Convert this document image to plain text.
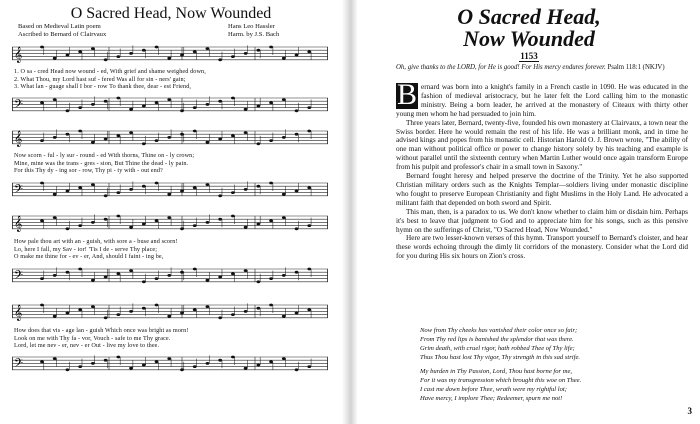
O Sacred Head, Now Wounded
Based on Medieval Latin poem
Ascribed to Bernard of Clairvaux
Hans Leo Hassler
Harm. by J.S. Bach
𝄞
1. O sa - cred Head now wound - ed, With grief and shame weighed down,
2. What Thou, my Lord hast suf - fered Was all for sin - ners' gain;
3. What lan - guage shall I bor - row To thank thee, dear - est Friend,
𝄢
𝄞
Now scorn - ful - ly sur - round - ed With thorns, Thine on - ly crown;
Mine, mine was the trans - gres - sion, But Thine the dead - ly pain.
For this Thy dy - ing sor - row, Thy pi - ty with - out end?
𝄢
𝄞
How pale thou art with an - guish, with sore a - buse and scorn!
Lo, here I fall, my Sav - ior! 'Tis I de - serve Thy place;
O make me thine for - ev - er, And, should I faint - ing be,
𝄢
𝄞
How does that vis - age lan - guish Which once was bright as morn!
Look on me with Thy fa - vor, Vouch - safe to me Thy grace.
Lord, let me nev - er, nev - er Out - live my love to thee.
𝄢
O Sacred Head,
Now Wounded
1153
Oh, give thanks to the LORD, for He is good! For His mercy endures forever. Psalm 118:1 (NKJV)

B ernard was born into a knight's family in a French castle in 1090. He was educated in the fashion of medieval aristocracy, but he later felt the Lord calling him to the monastic ministry. Being a born leader, he arrived at the monastery of Citeaux with thirty other young men whom he had persuaded to join him.

Three years later, Bernard, twenty-five, founded his own monastery at Clairvaux, a town near the Swiss border. Here he would remain the rest of his life. He was a brilliant monk, and in time he advised kings and popes from his monastic cell. Historian Harold O. J. Brown wrote, "The ability of one man without political office or power to change history solely by his teaching and example is without parallel until the sixteenth century when Martin Luther would once again transform Europe from his pulpit and professor's chair in a small town in Saxony."

Bernard fought heresy and helped preserve the doctrine of the Trinity. Yet he also supported Christian military orders such as the Knights Templar—soldiers living under monastic discipline who fought to preserve European Christianity and fight Muslims in the Holy Land. He advocated a militant faith that depended on both sword and Spirit.

This man, then, is a paradox to us. We don't know whether to claim him or disdain him. Perhaps it's best to leave that judgment to God and to appreciate him for his songs, such as this pensive hymn on the sufferings of Christ, "O Sacred Head, Now Wounded."

Here are two lesser-known verses of this hymn. Transport yourself to Bernard's cloister, and hear these words echoing through the dimly lit corridors of the monastery. Consider what the Lord did for you during His six hours on Zion's cross.

Now from Thy cheeks has vanished their color once so fair;
From Thy red lips is banished the splendor that was there.
Grim death, with cruel rigor, hath robbed Thee of Thy life;
Thus Thou hast lost Thy vigor, Thy strength in this sad strife.
My burden in Thy Passion, Lord, Thou hast borne for me,
For it was my transgression which brought this woe on Thee.
I cast me down before Thee, wrath were my rightful lot;
Have mercy, I implore Thee; Redeemer, spurn me not!
3
